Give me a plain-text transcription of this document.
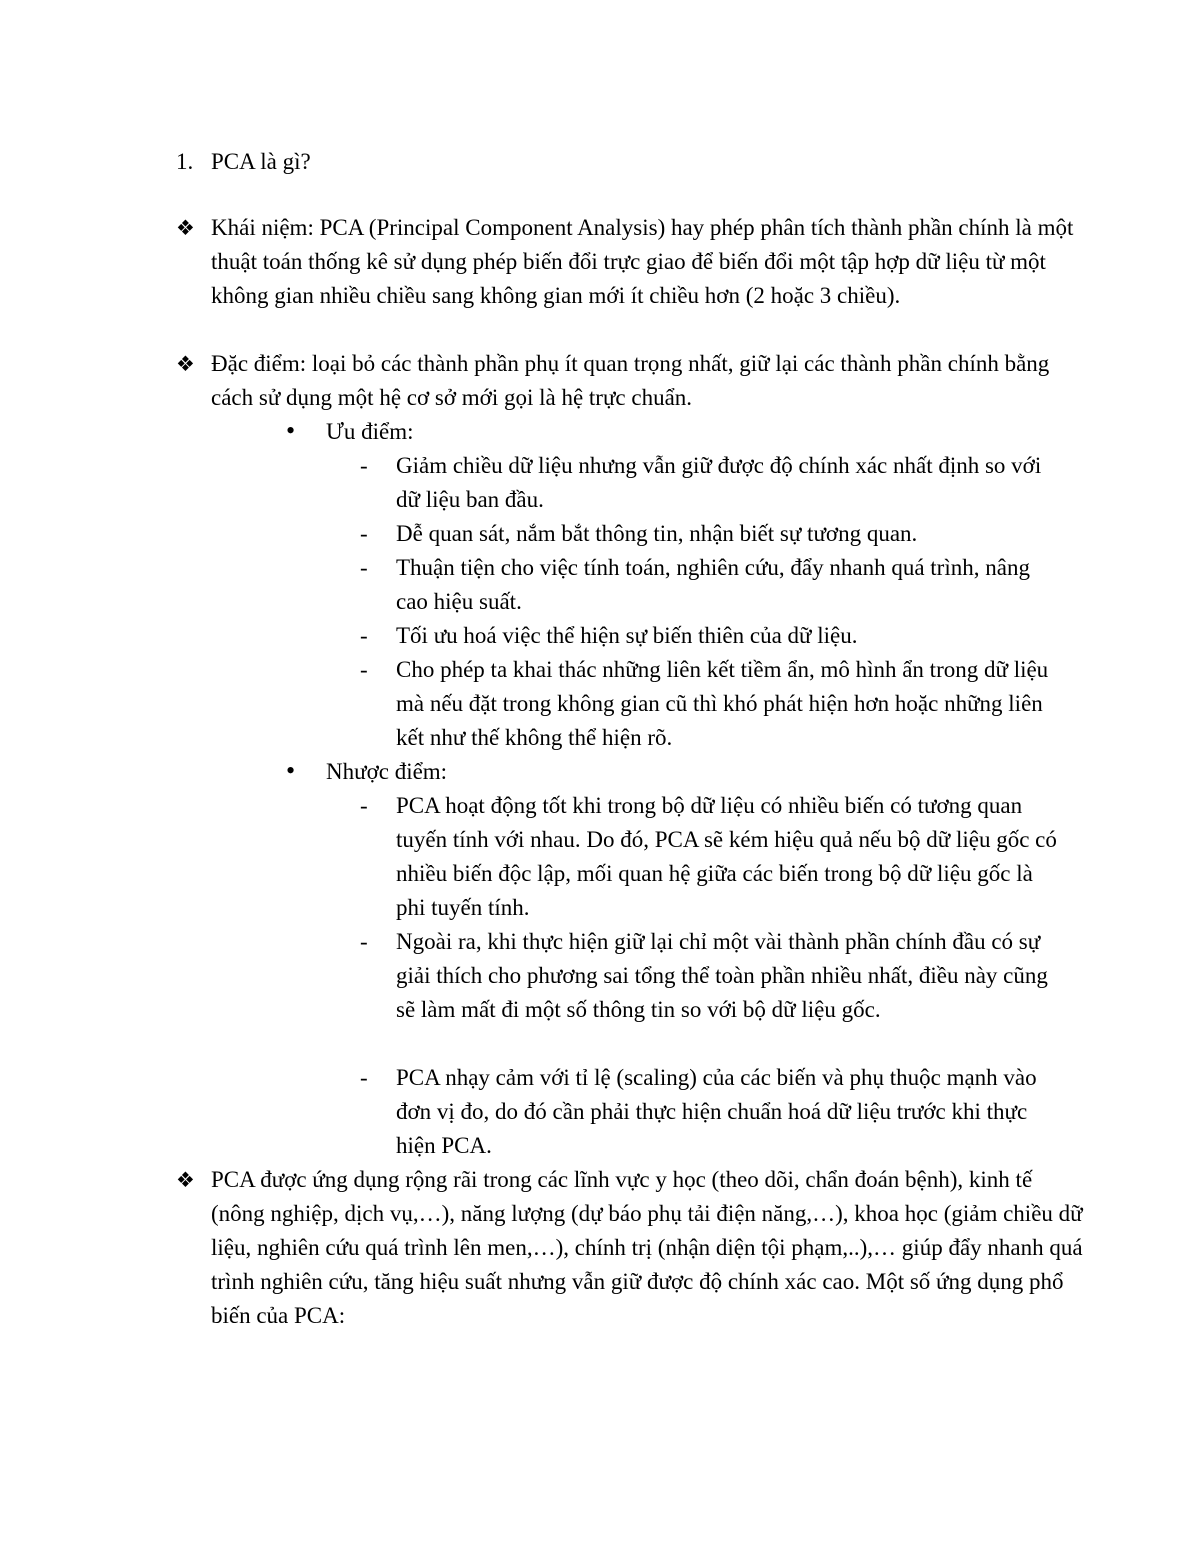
1. PCA là gì?
❖ Khái niệm: PCA (Principal Component Analysis) hay phép phân tích thành phần chính là một thuật toán thống kê sử dụng phép biến đổi trực giao để biến đổi một tập hợp dữ liệu từ một không gian nhiều chiều sang không gian mới ít chiều hơn (2 hoặc 3 chiều).
❖ Đặc điểm: loại bỏ các thành phần phụ ít quan trọng nhất, giữ lại các thành phần chính bằng cách sử dụng một hệ cơ sở mới gọi là hệ trực chuẩn.
• Ưu điểm:
- Giảm chiều dữ liệu nhưng vẫn giữ được độ chính xác nhất định so với dữ liệu ban đầu.
- Dễ quan sát, nắm bắt thông tin, nhận biết sự tương quan.
- Thuận tiện cho việc tính toán, nghiên cứu, đẩy nhanh quá trình, nâng cao hiệu suất.
- Tối ưu hoá việc thể hiện sự biến thiên của dữ liệu.
- Cho phép ta khai thác những liên kết tiềm ẩn, mô hình ẩn trong dữ liệu mà nếu đặt trong không gian cũ thì khó phát hiện hơn hoặc những liên kết như thế không thể hiện rõ.
• Nhược điểm:
- PCA hoạt động tốt khi trong bộ dữ liệu có nhiều biến có tương quan tuyến tính với nhau. Do đó, PCA sẽ kém hiệu quả nếu bộ dữ liệu gốc có nhiều biến độc lập, mối quan hệ giữa các biến trong bộ dữ liệu gốc là phi tuyến tính.
- Ngoài ra, khi thực hiện giữ lại chỉ một vài thành phần chính đầu có sự giải thích cho phương sai tổng thể toàn phần nhiều nhất, điều này cũng sẽ làm mất đi một số thông tin so với bộ dữ liệu gốc.
- PCA nhạy cảm với tỉ lệ (scaling) của các biến và phụ thuộc mạnh vào đơn vị đo, do đó cần phải thực hiện chuẩn hoá dữ liệu trước khi thực hiện PCA.
❖ PCA được ứng dụng rộng rãi trong các lĩnh vực y học (theo dõi, chẩn đoán bệnh), kinh tế (nông nghiệp, dịch vụ,…), năng lượng (dự báo phụ tải điện năng,…), khoa học (giảm chiều dữ liệu, nghiên cứu quá trình lên men,…), chính trị (nhận diện tội phạm,..),… giúp đẩy nhanh quá trình nghiên cứu, tăng hiệu suất nhưng vẫn giữ được độ chính xác cao. Một số ứng dụng phổ biến của PCA:
